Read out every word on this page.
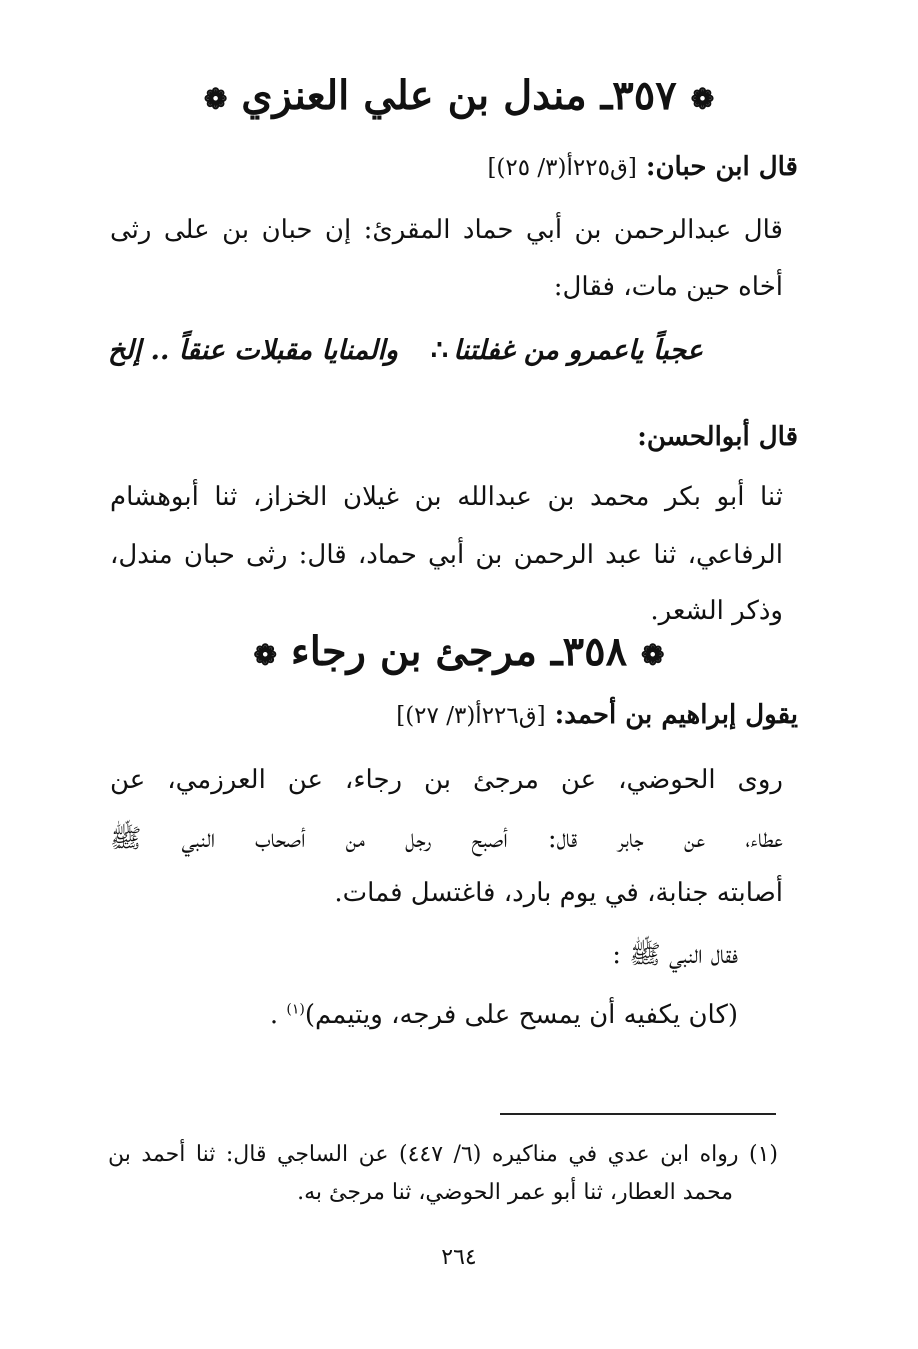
❁ ٣٥٧ـ مندل بن علي العنزي ❁
قال ابن حبان: [ق٢٢٥أ(٣/ ٢٥)]

قال عبدالرحمن بن أبي حماد المقرئ: إن حبان بن على رثى

أخاه حين مات، فقال:

عجباً ياعمرو من غفلتنا
∴
والمنايا مقبلات عنقاً .. إلخ
قال أبوالحسن:

ثنا أبو بكر محمد بن عبدالله بن غيلان الخزاز، ثنا أبوهشام

الرفاعي، ثنا عبد الرحمن بن أبي حماد، قال: رثى حبان مندل،

وذكر الشعر.

❁ ٣٥٨ـ مرجئ بن رجاء ❁
يقول إبراهيم بن أحمد: [ق٢٢٦أ(٣/ ٢٧)]

روى الحوضي، عن مرجئ بن رجاء، عن العرزمي، عن

عطاء، عن جابر قال: أصبح رجل من أصحاب النبي ﷺ

أصابته جنابة، في يوم بارد، فاغتسل فمات.

فقال النبي ﷺ :

(كان يكفيه أن يمسح على فرجه، ويتيمم)$^{(١)}$ .

(١) رواه ابن عدي في مناكيره (٦/ ٤٤٧) عن الساجي قال: ثنا أحمد بن

محمد العطار، ثنا أبو عمر الحوضي، ثنا مرجئ به.

٢٦٤
